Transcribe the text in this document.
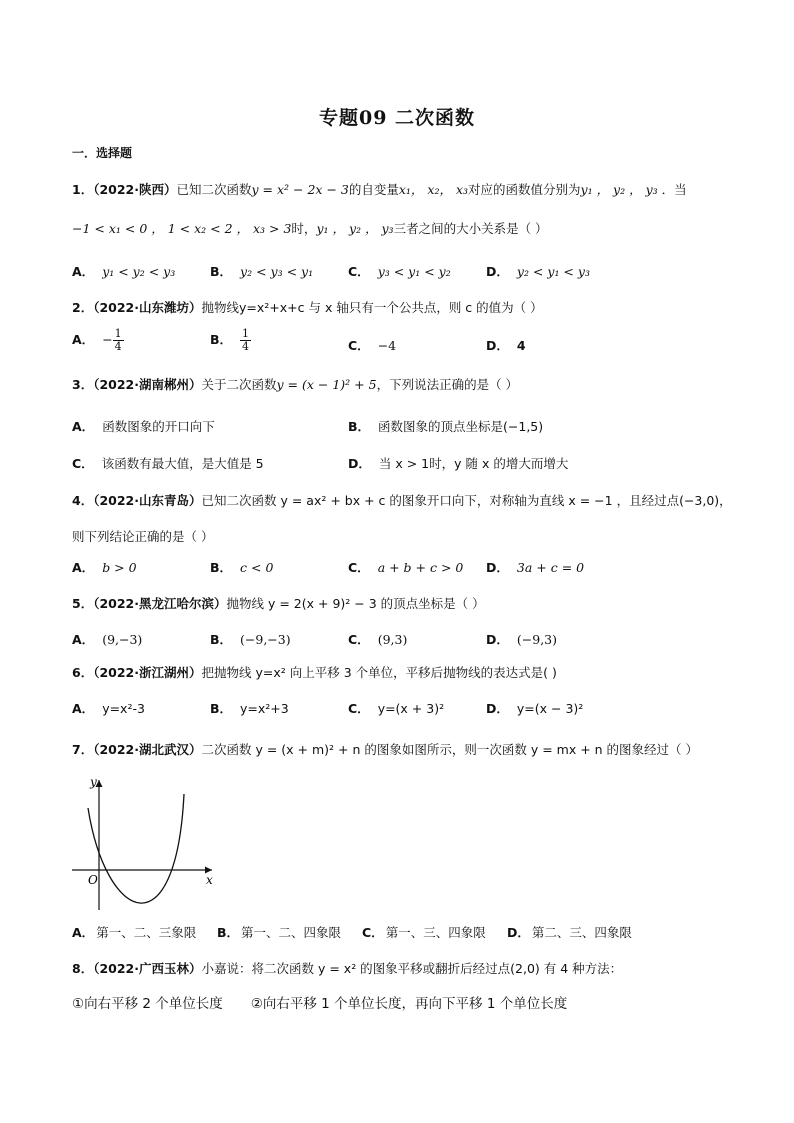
专题09 二次函数
一．选择题
1．（2022·陕西）已知二次函数y = x² − 2x − 3的自变量x₁， x₂， x₃对应的函数值分别为y₁ ， y₂ ， y₃ ．当
−1 < x₁ < 0 ， 1 < x₂ < 2 ， x₃ > 3时，y₁ ， y₂ ， y₃三者之间的大小关系是（ ）
A． y₁ < y₂ < y₃	B． y₂ < y₃ < y₁	C． y₃ < y₁ < y₂	D． y₂ < y₁ < y₃
2．（2022·山东潍坊）抛物线y=x²+x+c 与 x 轴只有一个公共点，则 c 的值为（ ）
A． − $\frac{1}{4}$	B． $\frac{1}{4}$	C． −4	D． 4
3．（2022·湖南郴州）关于二次函数y = (x − 1)² + 5，下列说法正确的是（ ）
A． 函数图象的开口向下	B． 函数图象的顶点坐标是(−1,5)
C． 该函数有最大值，是大值是 5	D． 当 x > 1时，y 随 x 的增大而增大
4．（2022·山东青岛）已知二次函数 y = ax² + bx + c 的图象开口向下，对称轴为直线 x = −1 ，且经过点(−3,0)，
则下列结论正确的是（ ）
A． b > 0	B． c < 0	C． a + b + c > 0 D． 3a + c = 0
5．（2022·黑龙江哈尔滨）抛物线 y = 2(x + 9)² − 3 的顶点坐标是（ ）
A． (9,−3)	B． (−9,−3)	C． (9,3)	D． (−9,3)
6．（2022·浙江湖州）把抛物线 y=x² 向上平移 3 个单位，平移后抛物线的表达式是( )
A． y=x²-3	B． y=x²+3	C． y=(x + 3)²	D． y=(x − 3)²
7．（2022·湖北武汉）二次函数 y = (x + m)² + n 的图象如图所示，则一次函数 y = mx + n 的图象经过（ ）
y
x
O
A． 第一、二、三象限 B． 第一、二、四象限 C． 第一、三、四象限 D． 第二、三、四象限
8．（2022·广西玉林）小嘉说：将二次函数 y = x² 的图象平移或翻折后经过点(2,0) 有 4 种方法：
①向右平移 2 个单位长度 ②向右平移 1 个单位长度，再向下平移 1 个单位长度
